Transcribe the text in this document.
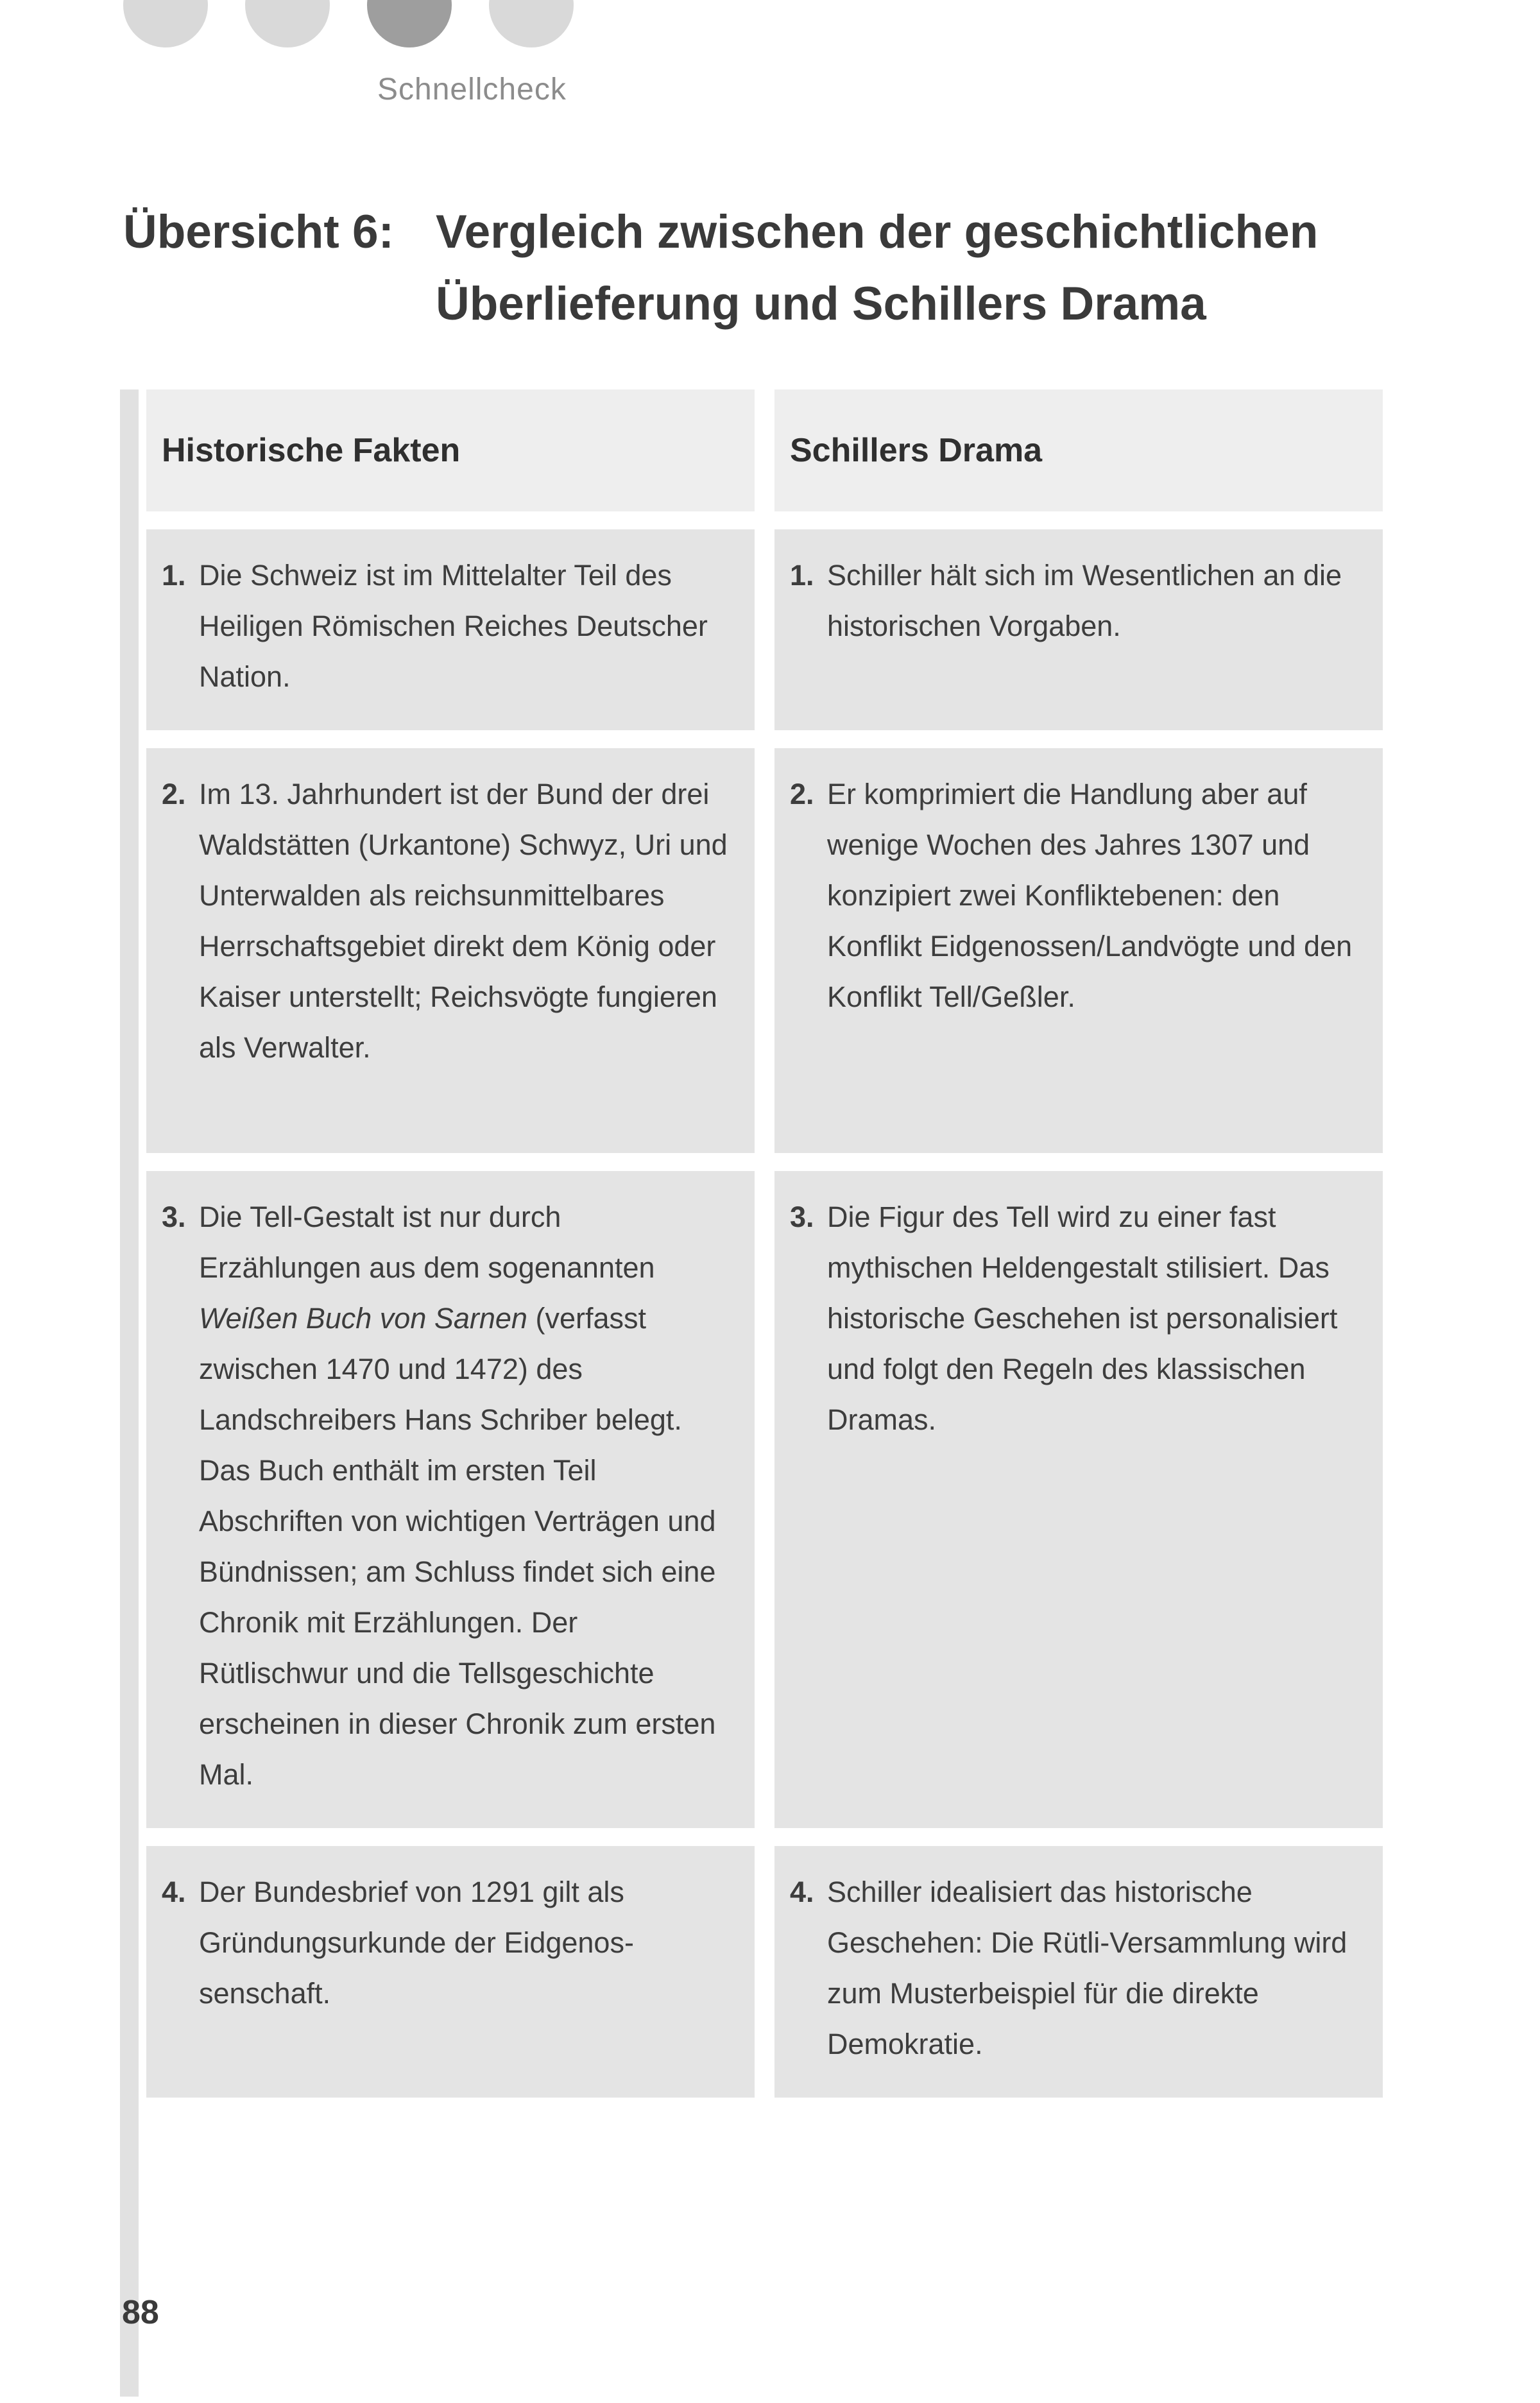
Schnellcheck
Übersicht 6: Vergleich zwischen der geschichtlichen Überlieferung und Schillers Drama
Historische Fakten	Schillers Drama
1. Die Schweiz ist im Mittelalter Teil des Heiligen Römischen Reiches Deutscher Nation.
1. Schiller hält sich im Wesentlichen an die historischen Vorgaben.
2. Im 13. Jahrhundert ist der Bund der drei Waldstätten (Urkantone) Schwyz, Uri und Unterwalden als reichsunmittelbares Herrschaftsgebiet direkt dem König oder Kaiser unterstellt; Reichsvögte fungieren als Verwalter.
2. Er komprimiert die Handlung aber auf wenige Wochen des Jahres 1307 und konzipiert zwei Konfliktebenen: den Konflikt Eidgenossen/Landvögte und den Konflikt Tell/Geßler.
3. Die Tell-Gestalt ist nur durch Erzählungen aus dem sogenannten Weißen Buch von Sarnen (verfasst zwischen 1470 und 1472) des Landschreibers Hans Schriber belegt. Das Buch enthält im ersten Teil Abschriften von wichtigen Verträgen und Bündnissen; am Schluss findet sich eine Chronik mit Erzählungen. Der Rütlischwur und die Tellsgeschichte erscheinen in dieser Chronik zum ersten Mal.
3. Die Figur des Tell wird zu einer fast mythischen Heldengestalt stilisiert. Das historische Geschehen ist personalisiert und folgt den Regeln des klassischen Dramas.
4. Der Bundesbrief von 1291 gilt als Gründungsurkunde der Eidgenossenschaft.
4. Schiller idealisiert das historische Geschehen: Die Rütli-Versammlung wird zum Musterbeispiel für die direkte Demokratie.
88
